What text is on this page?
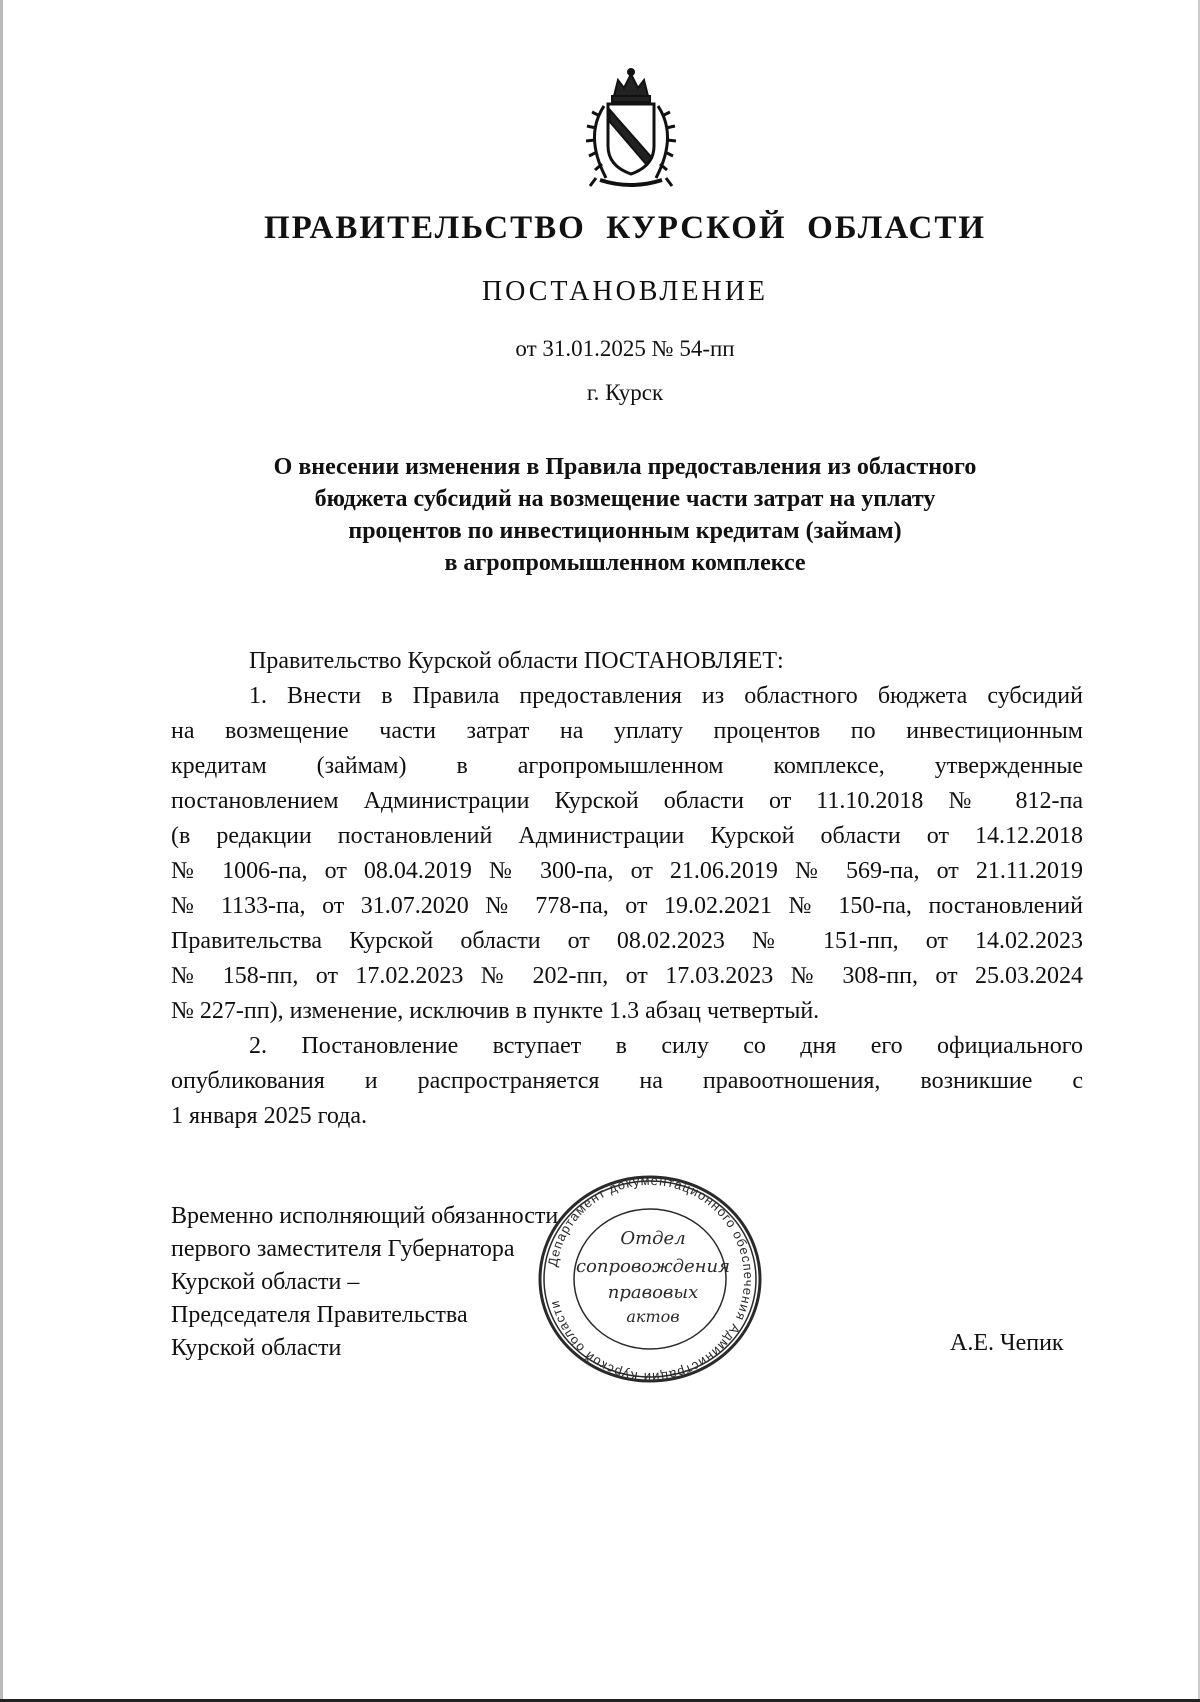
ПРАВИТЕЛЬСТВО  КУРСКОЙ  ОБЛАСТИ
ПОСТАНОВЛЕНИЕ
от 31.01.2025 № 54-пп
г. Курск
О внесении изменения в Правила предоставления из областного
бюджета субсидий на возмещение части затрат на уплату
процентов по инвестиционным кредитам (займам)
в агропромышленном комплексе

Правительство Курской области ПОСТАНОВЛЯЕТ:

1. Внести в Правила предоставления из областного бюджета субсидий
на возмещение части затрат на уплату процентов по инвестиционным
кредитам (займам) в агропромышленном комплексе, утвержденные
постановлением Администрации Курской области от 11.10.2018 № 812-па
(в редакции постановлений Администрации Курской области от 14.12.2018
№ 1006-па, от 08.04.2019 № 300-па, от 21.06.2019 № 569-па, от 21.11.2019
№ 1133-па, от 31.07.2020 № 778-па, от 19.02.2021 № 150-па, постановлений
Правительства Курской области от 08.02.2023 № 151-пп, от 14.02.2023
№ 158-пп, от 17.02.2023 № 202-пп, от 17.03.2023 № 308-пп, от 25.03.2024
№ 227-пп), изменение, исключив в пункте 1.3 абзац четвертый.
2. Постановление вступает в силу со дня его официального
опубликования и распространяется на правоотношения, возникшие с
1 января 2025 года.
Временно исполняющий обязанности
первого заместителя Губернатора
Курской области –
Председателя Правительства
Курской области	А.Е. Чепик
Департамент документационного обеспечения Администрации Курской области
Отдел
сопровождения
правовых
актов
